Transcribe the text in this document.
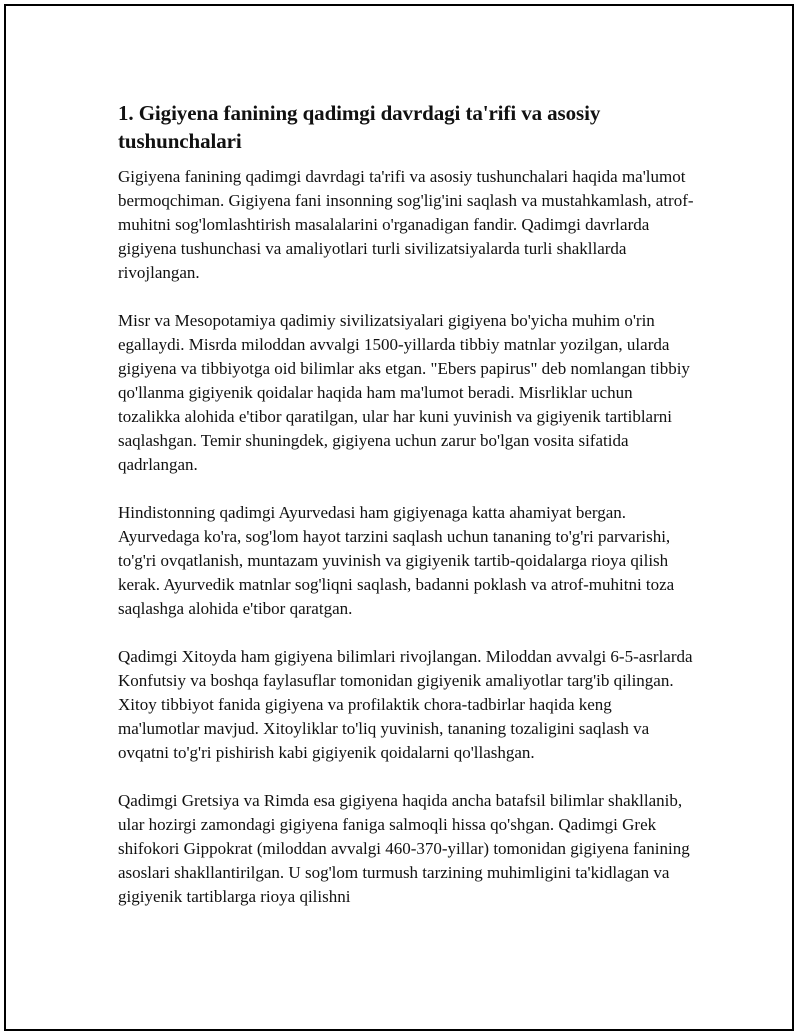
1. Gigiyena fanining qadimgi davrdagi ta'rifi va asosiy tushunchalari

Gigiyena fanining qadimgi davrdagi ta'rifi va asosiy tushunchalari haqida ma'lumot bermoqchiman. Gigiyena fani insonning sog'lig'ini saqlash va mustahkamlash, atrof-muhitni sog'lomlashtirish masalalarini o'rganadigan fandir. Qadimgi davrlarda gigiyena tushunchasi va amaliyotlari turli sivilizatsiyalarda turli shakllarda rivojlangan.

Misr va Mesopotamiya qadimiy sivilizatsiyalari gigiyena bo'yicha muhim o'rin egallaydi. Misrda miloddan avvalgi 1500-yillarda tibbiy matnlar yozilgan, ularda gigiyena va tibbiyotga oid bilimlar aks etgan. "Ebers papirus" deb nomlangan tibbiy qo'llanma gigiyenik qoidalar haqida ham ma'lumot beradi. Misrliklar uchun tozalikka alohida e'tibor qaratilgan, ular har kuni yuvinish va gigiyenik tartiblarni saqlashgan. Temir shuningdek, gigiyena uchun zarur bo'lgan vosita sifatida qadrlangan.

Hindistonning qadimgi Ayurvedasi ham gigiyenaga katta ahamiyat bergan. Ayurvedaga ko'ra, sog'lom hayot tarzini saqlash uchun tananing to'g'ri parvarishi, to'g'ri ovqatlanish, muntazam yuvinish va gigiyenik tartib-qoidalarga rioya qilish kerak. Ayurvedik matnlar sog'liqni saqlash, badanni poklash va atrof-muhitni toza saqlashga alohida e'tibor qaratgan.

Qadimgi Xitoyda ham gigiyena bilimlari rivojlangan. Miloddan avvalgi 6-5-asrlarda Konfutsiy va boshqa faylasuflar tomonidan gigiyenik amaliyotlar targ'ib qilingan. Xitoy tibbiyot fanida gigiyena va profilaktik chora-tadbirlar haqida keng ma'lumotlar mavjud. Xitoyliklar to'liq yuvinish, tananing tozaligini saqlash va ovqatni to'g'ri pishirish kabi gigiyenik qoidalarni qo'llashgan.

Qadimgi Gretsiya va Rimda esa gigiyena haqida ancha batafsil bilimlar shakllanib, ular hozirgi zamondagi gigiyena faniga salmoqli hissa qo'shgan. Qadimgi Grek shifokori Gippokrat (miloddan avvalgi 460-370-yillar) tomonidan gigiyena fanining asoslari shakllantirilgan. U sog'lom turmush tarzining muhimligini ta'kidlagan va gigiyenik tartiblarga rioya qilishni
